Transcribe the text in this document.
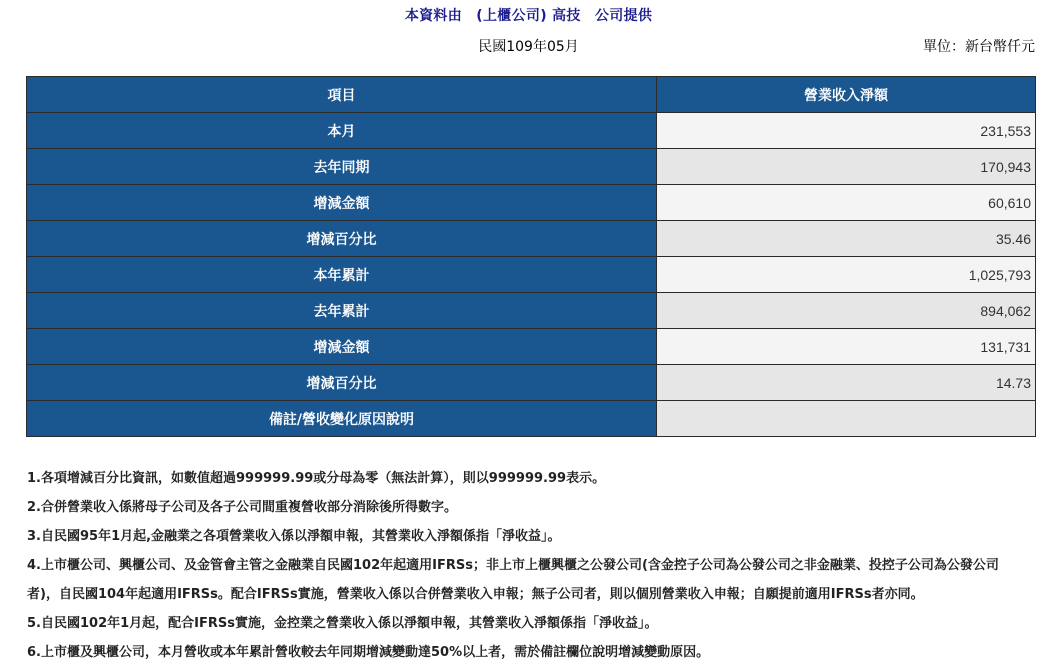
本資料由　(上櫃公司) 高技　公司提供
民國109年05月	單位：新台幣仟元
項目	營業收入淨額
本月	231,553
去年同期	170,943
增減金額	60,610
增減百分比	35.46
本年累計	1,025,793
去年累計	894,062
增減金額	131,731
增減百分比	14.73
備註/營收變化原因說明	

1.各項增減百分比資訊，如數值超過999999.99或分母為零（無法計算），則以999999.99表示。

2.合併營業收入係將母子公司及各子公司間重複營收部分消除後所得數字。

3.自民國95年1月起,金融業之各項營業收入係以淨額申報，其營業收入淨額係指「淨收益」。

4.上市櫃公司、興櫃公司、及金管會主管之金融業自民國102年起適用IFRSs；非上市上櫃興櫃之公發公司(含金控子公司為公發公司之非金融業、投控子公司為公發公司者)，自民國104年起適用IFRSs。配合IFRSs實施，營業收入係以合併營業收入申報；無子公司者，則以個別營業收入申報；自願提前適用IFRSs者亦同。

5.自民國102年1月起，配合IFRSs實施，金控業之營業收入係以淨額申報，其營業收入淨額係指「淨收益」。

6.上市櫃及興櫃公司，本月營收或本年累計營收較去年同期增減變動達50%以上者，需於備註欄位說明增減變動原因。
